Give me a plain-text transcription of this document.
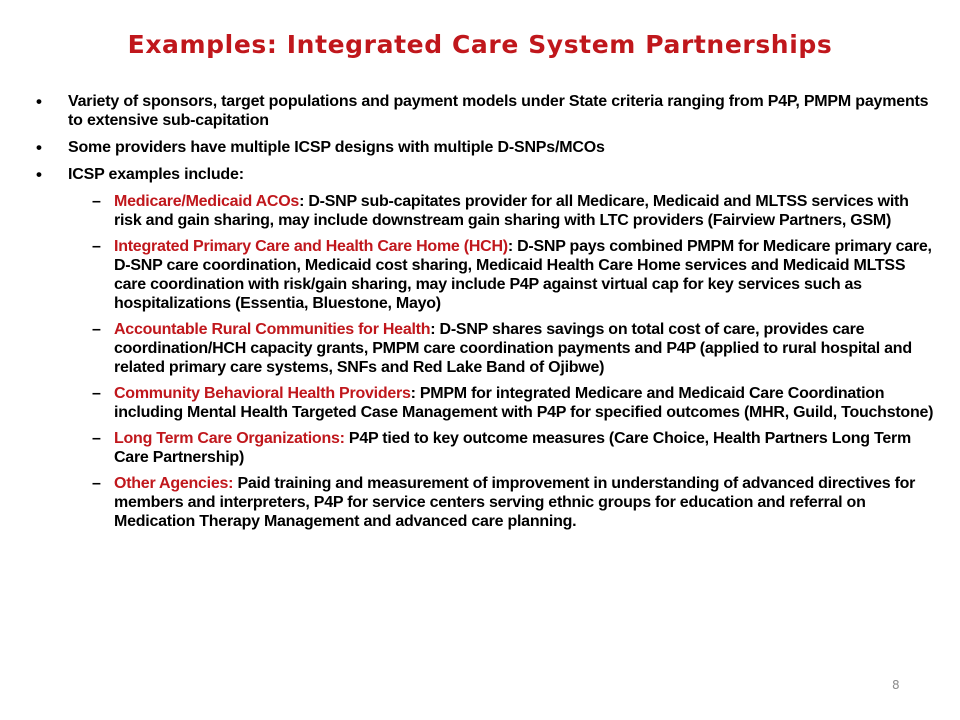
Examples: Integrated Care System Partnerships
•	Variety of sponsors, target populations and payment models under State criteria ranging from P4P, PMPM payments to extensive sub-capitation
•	Some providers have multiple ICSP designs with multiple D-SNPs/MCOs
•	ICSP examples include:
– Medicare/Medicaid ACOs: D-SNP sub-capitates provider for all Medicare, Medicaid and MLTSS services with risk and gain sharing, may include downstream gain sharing with LTC providers (Fairview Partners, GSM)
– Integrated Primary Care and Health Care Home (HCH): D-SNP pays combined PMPM for Medicare primary care, D-SNP care coordination, Medicaid cost sharing, Medicaid Health Care Home services and Medicaid MLTSS care coordination with risk/gain sharing, may include P4P against virtual cap for key services such as hospitalizations (Essentia, Bluestone, Mayo)
– Accountable Rural Communities for Health: D-SNP shares savings on total cost of care, provides care coordination/HCH capacity grants, PMPM care coordination payments and P4P (applied to rural hospital and related primary care systems, SNFs and Red Lake Band of Ojibwe)
– Community Behavioral Health Providers: PMPM for integrated Medicare and Medicaid Care Coordination including Mental Health Targeted Case Management with P4P for specified outcomes (MHR, Guild, Touchstone)
– Long Term Care Organizations: P4P tied to key outcome measures (Care Choice, Health Partners Long Term Care Partnership)
– Other Agencies: Paid training and measurement of improvement in understanding of advanced directives for members and interpreters, P4P for service centers serving ethnic groups for education and referral on Medication Therapy Management and advanced care planning.
8
